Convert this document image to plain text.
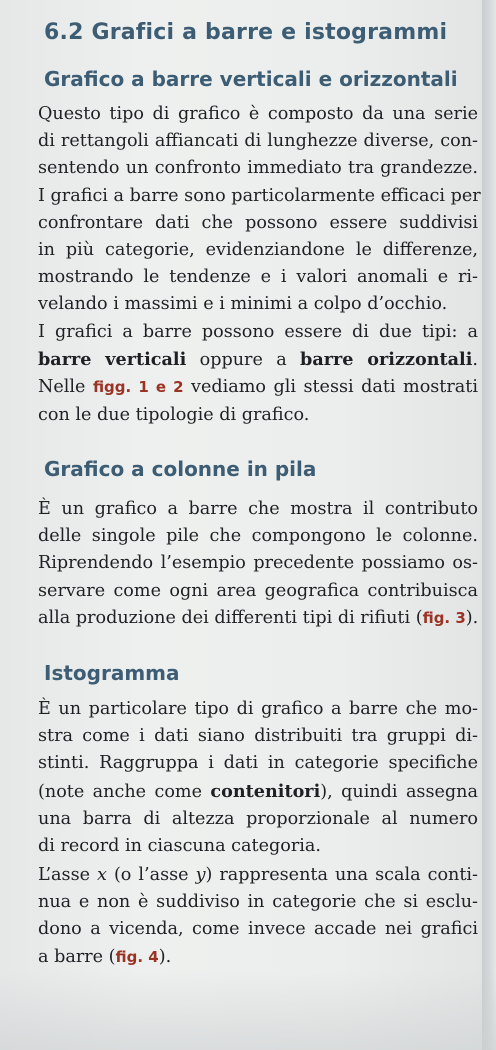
6.2 Grafici a barre e istogrammi
Grafico a barre verticali e orizzontali
Questo tipo di grafico è composto da una serie
di rettangoli affiancati di lunghezze diverse, con-
sentendo un confronto immediato tra grandezze.
I grafici a barre sono particolarmente efficaci per
confrontare dati che possono essere suddivisi
in più categorie, evidenziandone le differenze,
mostrando le tendenze e i valori anomali e ri-
velando i massimi e i minimi a colpo d’occhio.
I grafici a barre possono essere di due tipi: a
barre verticali oppure a barre orizzontali.
Nelle figg. 1 e 2 vediamo gli stessi dati mostrati
con le due tipologie di grafico.
Grafico a colonne in pila
È un grafico a barre che mostra il contributo
delle singole pile che compongono le colonne.
Riprendendo l’esempio precedente possiamo os-
servare come ogni area geografica contribuisca
alla produzione dei differenti tipi di rifiuti (fig. 3).
Istogramma
È un particolare tipo di grafico a barre che mo-
stra come i dati siano distribuiti tra gruppi di-
stinti. Raggruppa i dati in categorie specifiche
(note anche come contenitori), quindi assegna
una barra di altezza proporzionale al numero
di record in ciascuna categoria.
L’asse x (o l’asse y) rappresenta una scala conti-
nua e non è suddiviso in categorie che si esclu-
dono a vicenda, come invece accade nei grafici
a barre (fig. 4).
